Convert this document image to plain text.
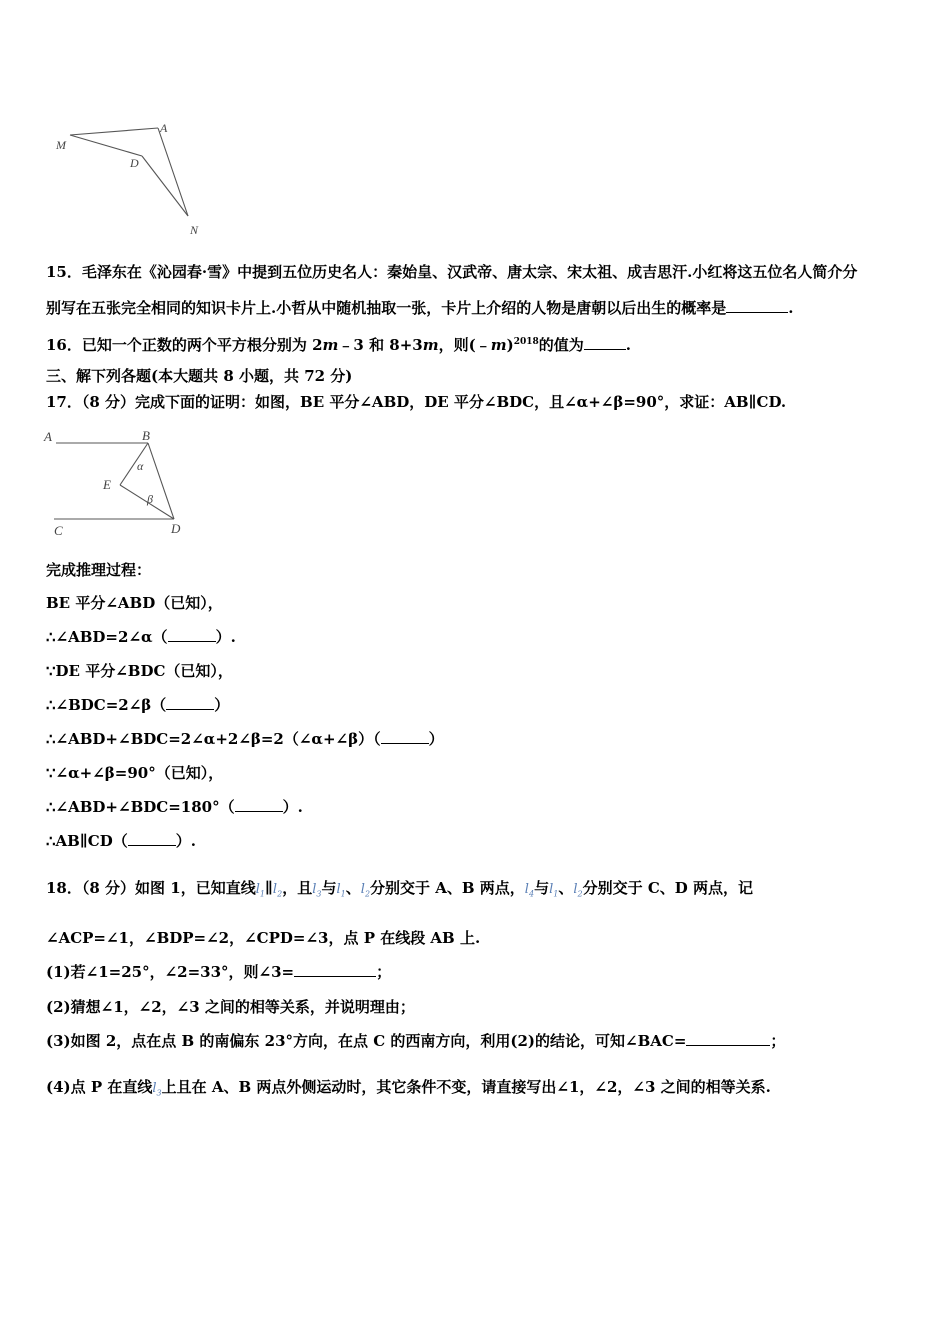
M
A
D
N
15．毛泽东在《沁园春·雪》中提到五位历史名人：秦始皇、汉武帝、唐太宗、宋太祖、成吉思汗.小红将这五位名人简介分
别写在五张完全相同的知识卡片上.小哲从中随机抽取一张，卡片上介绍的人物是唐朝以后出生的概率是	.
16．已知一个正数的两个平方根分别为 2m﹣3 和 8+3m，则(﹣m)$^{2018}$的值为	.
三、解下列各题(本大题共 8 小题，共 72 分)
17．（8 分）完成下面的证明：如图，BE 平分∠ABD，DE 平分∠BDC，且∠α+∠β=90°，求证：AB∥CD.
A	B
α
E
β
C	D
完成推理过程：
BE 平分∠ABD（已知），
∴∠ABD=2∠α（	）.
∵DE 平分∠BDC（已知），
∴∠BDC=2∠β（	）
∴∠ABD+∠BDC=2∠α+2∠β=2（∠α+∠β）（	）
∵∠α+∠β=90°（已知），
∴∠ABD+∠BDC=180°（	）.
∴AB∥CD（	）.
18．（8 分）如图 1，已知直线$l_1\parallel l_2$，且$l_3$与$l_1$、$l_2$分别交于 A、B 两点，$l_4$与$l_1$、$l_2$分别交于 C、D 两点，记
∠ACP=∠1，∠BDP=∠2，∠CPD=∠3，点 P 在线段 AB 上.
(1)若∠1=25°，∠2=33°，则∠3=	；
(2)猜想∠1，∠2，∠3 之间的相等关系，并说明理由；
(3)如图 2，点在点 B 的南偏东 23°方向，在点 C 的西南方向，利用(2)的结论，可知∠BAC=	；
(4)点 P 在直线$l_3$上且在 A、B 两点外侧运动时，其它条件不变，请直接写出∠1，∠2，∠3 之间的相等关系.
